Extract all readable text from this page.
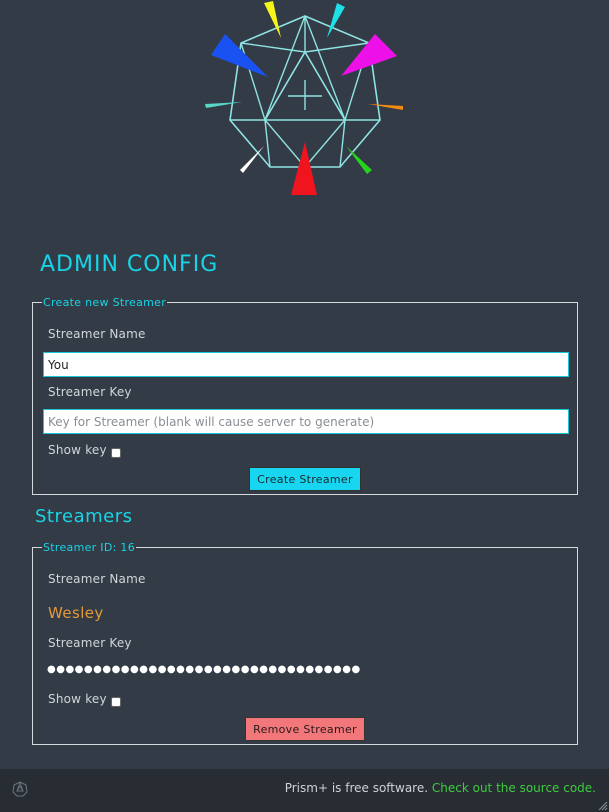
ADMIN CONFIG
Create new Streamer
Streamer Name
You
Streamer Key
Key for Streamer (blank will cause server to generate)
Show key
Create Streamer
Streamers
Streamer ID: 16
Streamer Name
Wesley
Streamer Key
●●●●●●●●●●●●●●●●●●●●●●●●●●●●●●●●●●
Show key
Remove Streamer
Prism+ is free software. Check out the source code.
